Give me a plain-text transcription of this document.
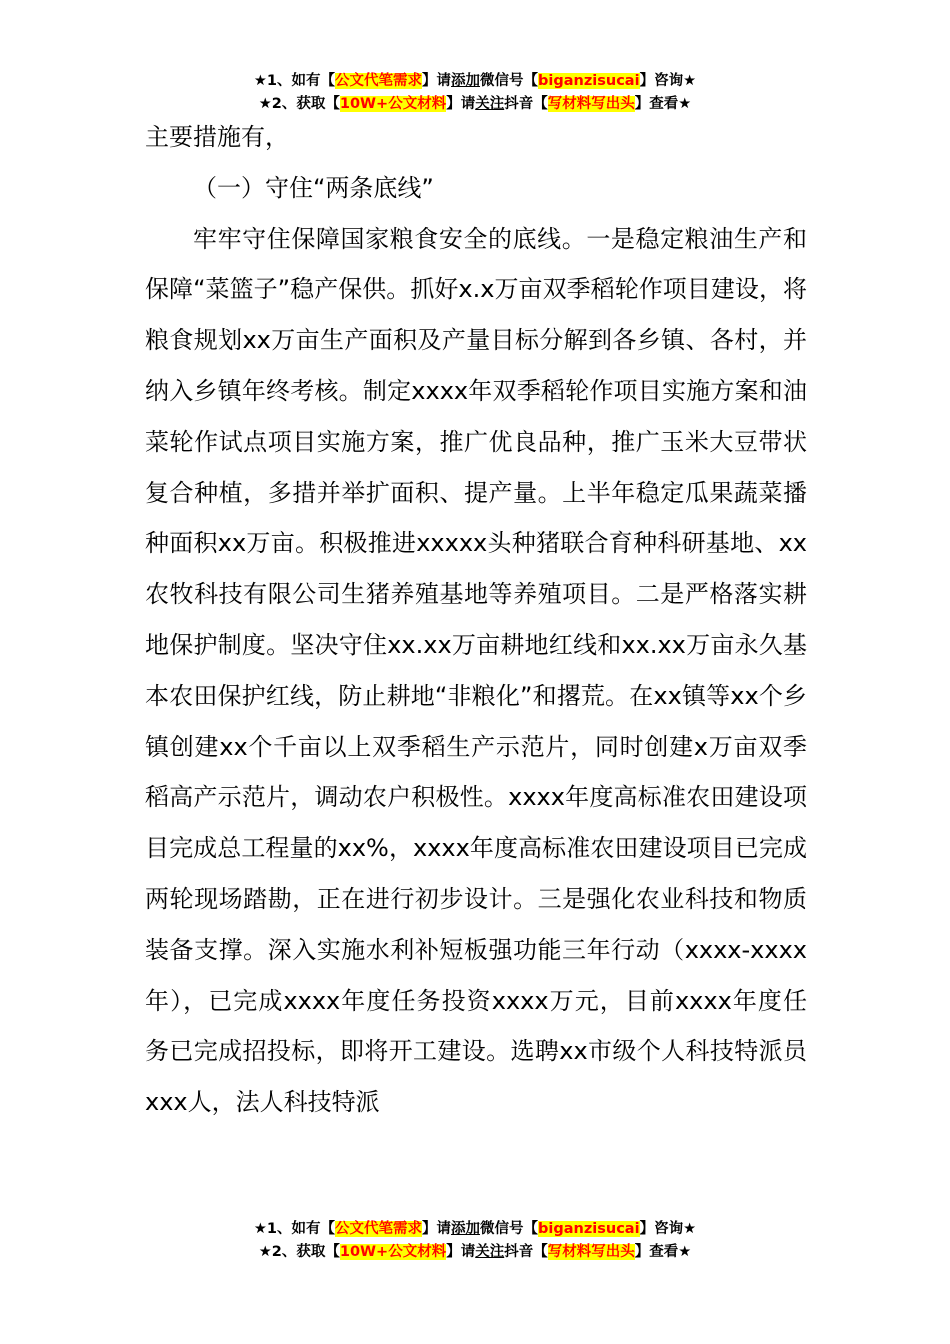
★1、如有【公文代笔需求】请添加微信号【biganzisucai】咨询★
★2、获取【10W+公文材料】请关注抖音【写材料写出头】查看★

主要措施有，

（一）守住“两条底线”

牢牢守住保障国家粮食安全的底线。一是稳定粮油生产和保障“菜篮子”稳产保供。抓好x.x万亩双季稻轮作项目建设，将粮食规划xx万亩生产面积及产量目标分解到各乡镇、各村，并纳入乡镇年终考核。制定xxxx年双季稻轮作项目实施方案和油菜轮作试点项目实施方案，推广优良品种，推广玉米大豆带状复合种植，多措并举扩面积、提产量。上半年稳定瓜果蔬菜播种面积xx万亩。积极推进xxxxx头种猪联合育种科研基地、xx农牧科技有限公司生猪养殖基地等养殖项目。二是严格落实耕地保护制度。坚决守住xx.xx万亩耕地红线和xx.xx万亩永久基本农田保护红线，防止耕地“非粮化”和撂荒。在xx镇等xx个乡镇创建xx个千亩以上双季稻生产示范片，同时创建x万亩双季稻高产示范片，调动农户积极性。xxxx年度高标准农田建设项目完成总工程量的xx%，xxxx年度高标准农田建设项目已完成两轮现场踏勘，正在进行初步设计。三是强化农业科技和物质装备支撑。深入实施水利补短板强功能三年行动（xxxx-xxxx年），已完成xxxx年度任务投资xxxx万元，目前xxxx年度任务已完成招投标，即将开工建设。选聘xx市级个人科技特派员xxx人，法人科技特派

★1、如有【公文代笔需求】请添加微信号【biganzisucai】咨询★
★2、获取【10W+公文材料】请关注抖音【写材料写出头】查看★
